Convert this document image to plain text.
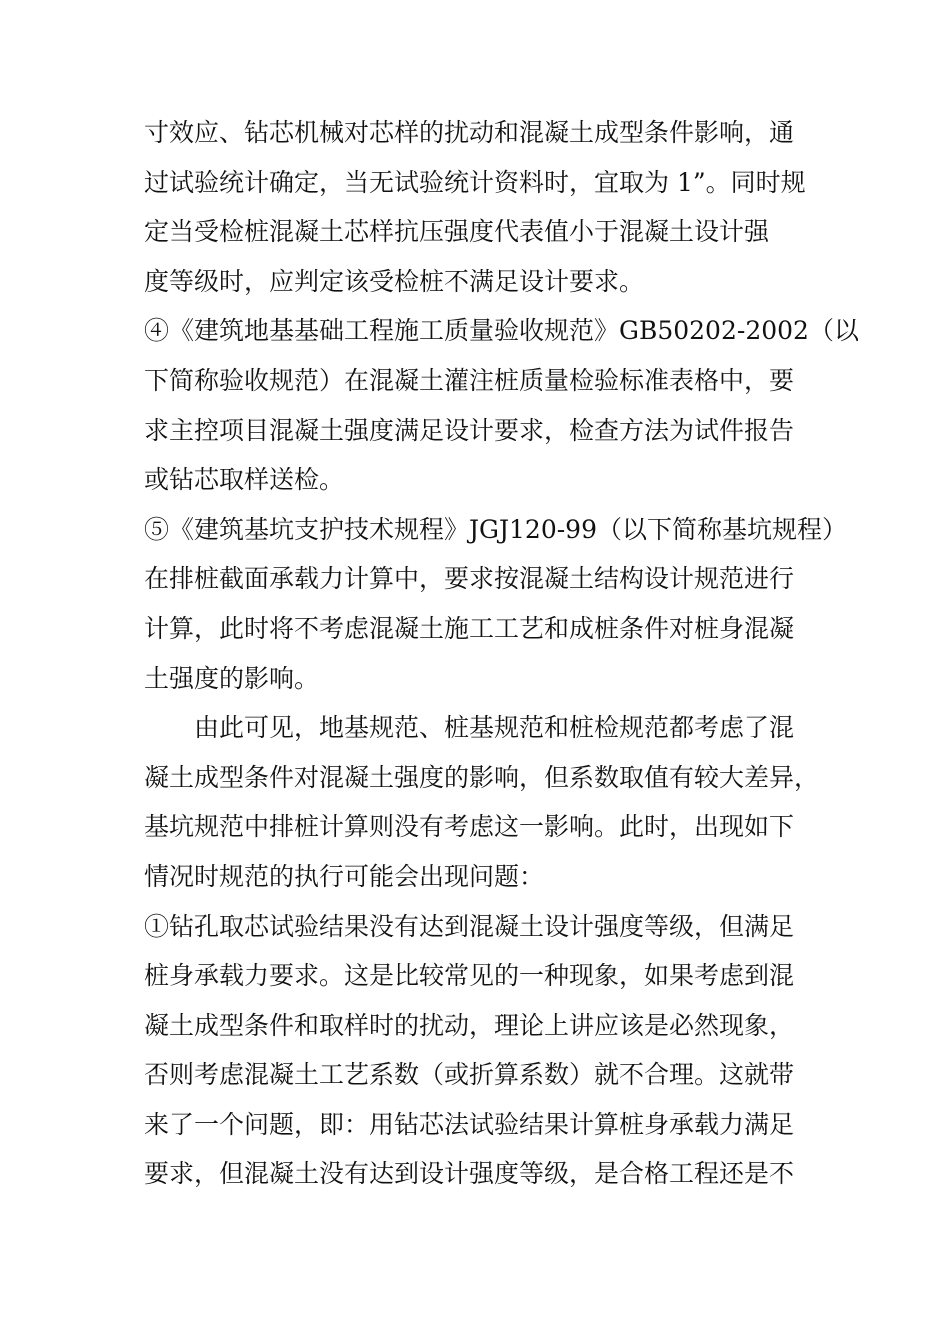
寸效应、钻芯机械对芯样的扰动和混凝土成型条件影响，通
过试验统计确定，当无试验统计资料时，宜取为 1”。同时规
定当受检桩混凝土芯样抗压强度代表值小于混凝土设计强
度等级时，应判定该受检桩不满足设计要求。
④《建筑地基基础工程施工质量验收规范》GB50202-2002（以
下简称验收规范）在混凝土灌注桩质量检验标准表格中，要
求主控项目混凝土强度满足设计要求，检查方法为试件报告
或钻芯取样送检。
⑤《建筑基坑支护技术规程》JGJ120-99（以下简称基坑规程）
在排桩截面承载力计算中，要求按混凝土结构设计规范进行
计算，此时将不考虑混凝土施工工艺和成桩条件对桩身混凝
土强度的影响。
由此可见，地基规范、桩基规范和桩检规范都考虑了混
凝土成型条件对混凝土强度的影响，但系数取值有较大差异，
基坑规范中排桩计算则没有考虑这一影响。此时，出现如下
情况时规范的执行可能会出现问题：
①钻孔取芯试验结果没有达到混凝土设计强度等级，但满足
桩身承载力要求。这是比较常见的一种现象，如果考虑到混
凝土成型条件和取样时的扰动，理论上讲应该是必然现象，
否则考虑混凝土工艺系数（或折算系数）就不合理。这就带
来了一个问题，即：用钻芯法试验结果计算桩身承载力满足
要求，但混凝土没有达到设计强度等级，是合格工程还是不
